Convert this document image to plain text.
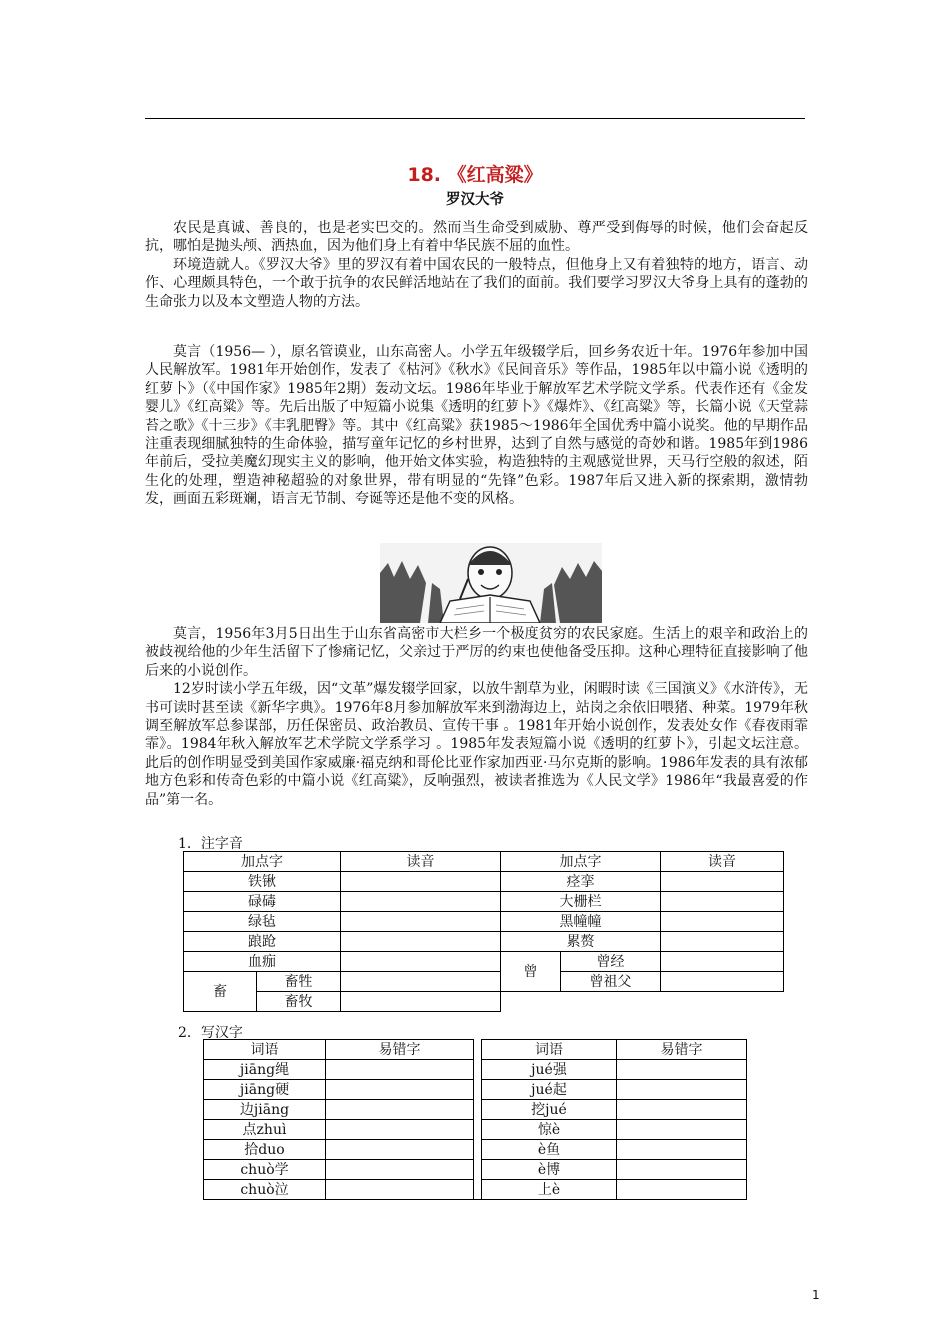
18. 《红高粱》
罗汉大爷

农民是真诚、善良的，也是老实巴交的。然而当生命受到威胁、尊严受到侮辱的时候，他们会奋起反抗，哪怕是抛头颅、洒热血，因为他们身上有着中华民族不屈的血性。

环境造就人。《罗汉大爷》里的罗汉有着中国农民的一般特点，但他身上又有着独特的地方，语言、动作、心理颇具特色，一个敢于抗争的农民鲜活地站在了我们的面前。我们要学习罗汉大爷身上具有的蓬勃的生命张力以及本文塑造人物的方法。

莫言（1956— ），原名管谟业，山东高密人。小学五年级辍学后，回乡务农近十年。1976年参加中国人民解放军。1981年开始创作，发表了《枯河》《秋水》《民间音乐》等作品，1985年以中篇小说《透明的红萝卜》（《中国作家》1985年2期）轰动文坛。1986年毕业于解放军艺术学院文学系。代表作还有《金发婴儿》《红高粱》等。先后出版了中短篇小说集《透明的红萝卜》《爆炸》、《红高粱》等，长篇小说《天堂蒜苔之歌》《十三步》《丰乳肥臀》等。其中《红高粱》获1985～1986年全国优秀中篇小说奖。他的早期作品注重表现细腻独特的生命体验，描写童年记忆的乡村世界，达到了自然与感觉的奇妙和谐。1985年到1986年前后，受拉美魔幻现实主义的影响，他开始文体实验，构造独特的主观感觉世界，天马行空般的叙述，陌生化的处理，塑造神秘超验的对象世界，带有明显的“先锋”色彩。1987年后又进入新的探索期，激情勃发，画面五彩斑斓，语言无节制、夸诞等还是他不变的风格。

莫言，1956年3月5日出生于山东省高密市大栏乡一个极度贫穷的农民家庭。生活上的艰辛和政治上的被歧视给他的少年生活留下了惨痛记忆，父亲过于严厉的约束也使他备受压抑。这种心理特征直接影响了他后来的小说创作。

12岁时读小学五年级，因“文革”爆发辍学回家，以放牛割草为业，闲暇时读《三国演义》《水浒传》，无书可读时甚至读《新华字典》。1976年8月参加解放军来到渤海边上，站岗之余依旧喂猪、种菜。1979年秋调至解放军总参谋部，历任保密员、政治教员、宣传干事 。1981年开始小说创作，发表处女作《春夜雨霏霏》。1984年秋入解放军艺术学院文学系学习 。1985年发表短篇小说《透明的红萝卜》，引起文坛注意。此后的创作明显受到美国作家威廉·福克纳和哥伦比亚作家加西亚·马尔克斯的影响。1986年发表的具有浓郁地方色彩和传奇色彩的中篇小说《红高粱》，反响强烈，被读者推选为《人民文学》1986年“我最喜爱的作品”第一名。

1．注字音
加点字		读音	加点字		读音
铁锹			痉挛		
碌碡			大栅栏		
绿毡			黑幢幢		
踉跄			累赘		
血痂			曾	曾经	
畜	畜牲			曾祖父	
	畜牧				
2．写汉字
词语	易错字		词语	易错字
jiāng绳			jué强	
jiāng硬			jué起	
边jiāng			挖jué	
点zhuì			惊è	
拾duo			è鱼	
chuò学			è博	
chuò泣			上è	
1
